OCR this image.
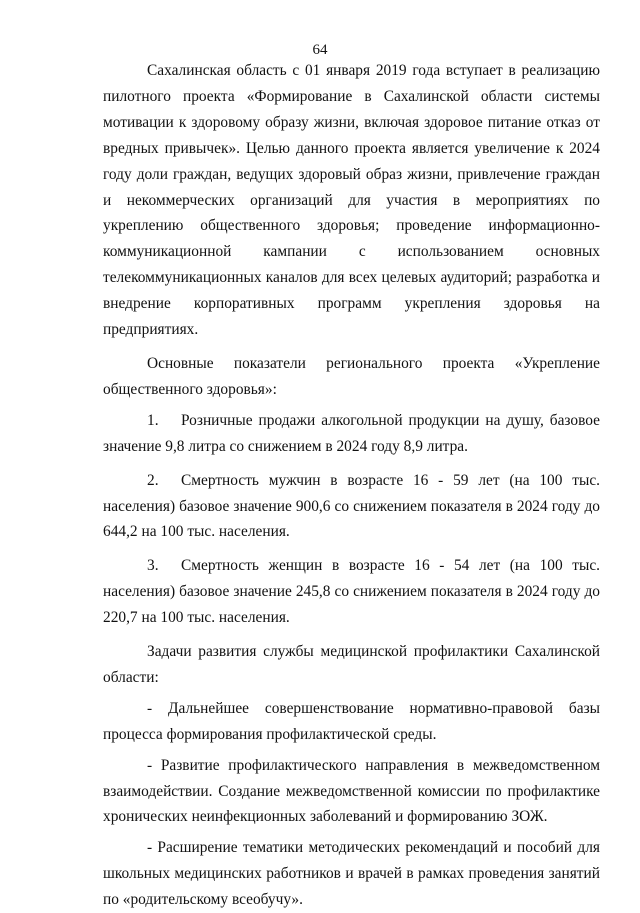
64

Сахалинская область с 01 января 2019 года вступает в реализацию пилотного проекта «Формирование в Сахалинской области системы мотивации к здоровому образу жизни, включая здоровое питание отказ от вредных привычек». Целью данного проекта является увеличение к 2024 году доли граждан, ведущих здоровый образ жизни, привлечение граждан и некоммерческих организаций для участия в мероприятиях по укреплению общественного здоровья; проведение информационно-коммуникационной кампании с использованием основных телекоммуникационных каналов для всех целевых аудиторий; разработка и внедрение корпоративных программ укрепления здоровья на предприятиях.

Основные показатели регионального проекта «Укрепление общественного здоровья»:

1. Розничные продажи алкогольной продукции на душу, базовое значение 9,8 литра со снижением в 2024 году 8,9 литра.

2. Смертность мужчин в возрасте 16 - 59 лет (на 100 тыс. населения) базовое значение 900,6 со снижением показателя в 2024 году до 644,2 на 100 тыс. населения.

3. Смертность женщин в возрасте 16 - 54 лет (на 100 тыс. населения) базовое значение 245,8 со снижением показателя в 2024 году до 220,7 на 100 тыс. населения.

Задачи развития службы медицинской профилактики Сахалинской области:

- Дальнейшее совершенствование нормативно-правовой базы процесса формирования профилактической среды.

- Развитие профилактического направления в межведомственном взаимодействии. Создание межведомственной комиссии по профилактике хронических неинфекционных заболеваний и формированию ЗОЖ.

- Расширение тематики методических рекомендаций и пособий для школьных медицинских работников и врачей в рамках проведения занятий по «родительскому всеобучу».
